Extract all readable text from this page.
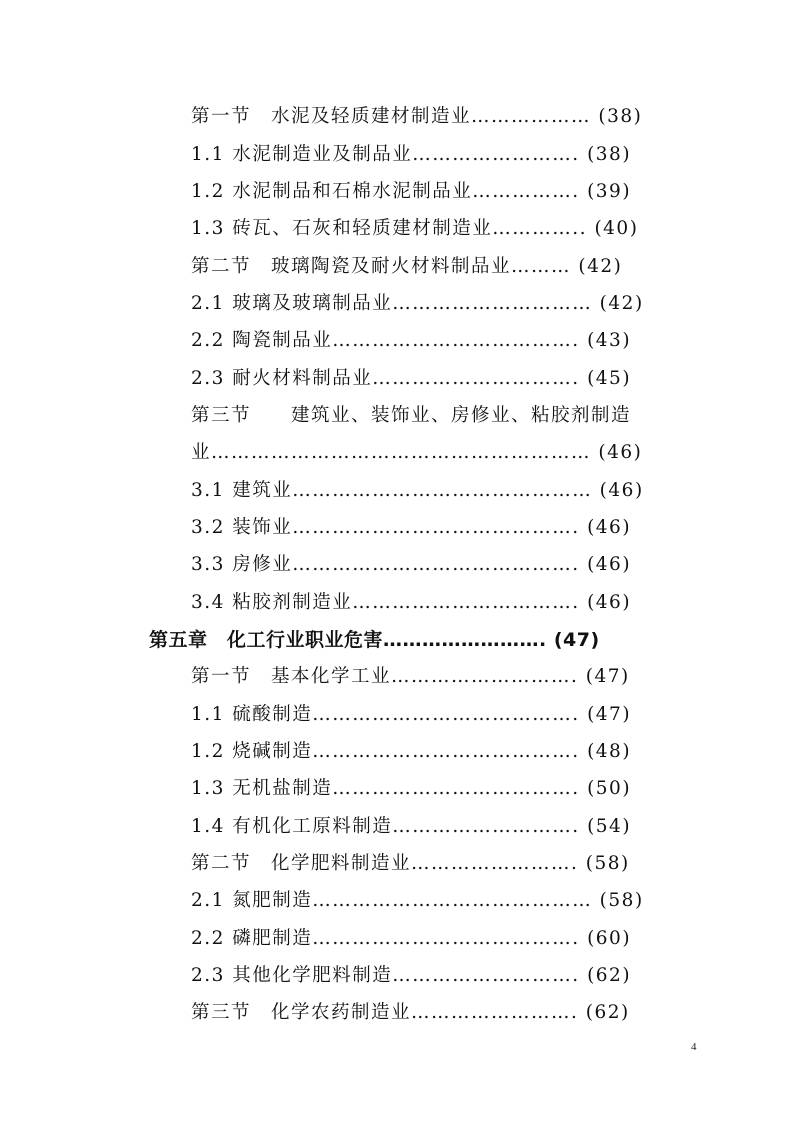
第一节　水泥及轻质建材制造业……………… (38)
1.1 水泥制造业及制品业……………………. (38)
1.2 水泥制品和石棉水泥制品业……………. (39)
1.3 砖瓦、石灰和轻质建材制造业………….. (40)
第二节　玻璃陶瓷及耐火材料制品业……… (42)
2.1 玻璃及玻璃制品业………………………… (42)
2.2 陶瓷制品业………………………………. (43)
2.3 耐火材料制品业…………………………. (45)
第三节　　建筑业、装饰业、房修业、粘胶剂制造
业………………………………………………… (46)
3.1 建筑业……………………………………… (46)
3.2 装饰业……………………………………. (46)
3.3 房修业……………………………………. (46)
3.4 粘胶剂制造业……………………………. (46)
第五章　化工行业职业危害……………………. (47)
第一节　基本化学工业………………………. (47)
1.1 硫酸制造…………………………………. (47)
1.2 烧碱制造…………………………………. (48)
1.3 无机盐制造………………………………. (50)
1.4 有机化工原料制造………………………. (54)
第二节　化学肥料制造业……………………. (58)
2.1 氮肥制造…………………………………… (58)
2.2 磷肥制造…………………………………. (60)
2.3 其他化学肥料制造………………………. (62)
第三节　化学农药制造业……………………. (62)
4
